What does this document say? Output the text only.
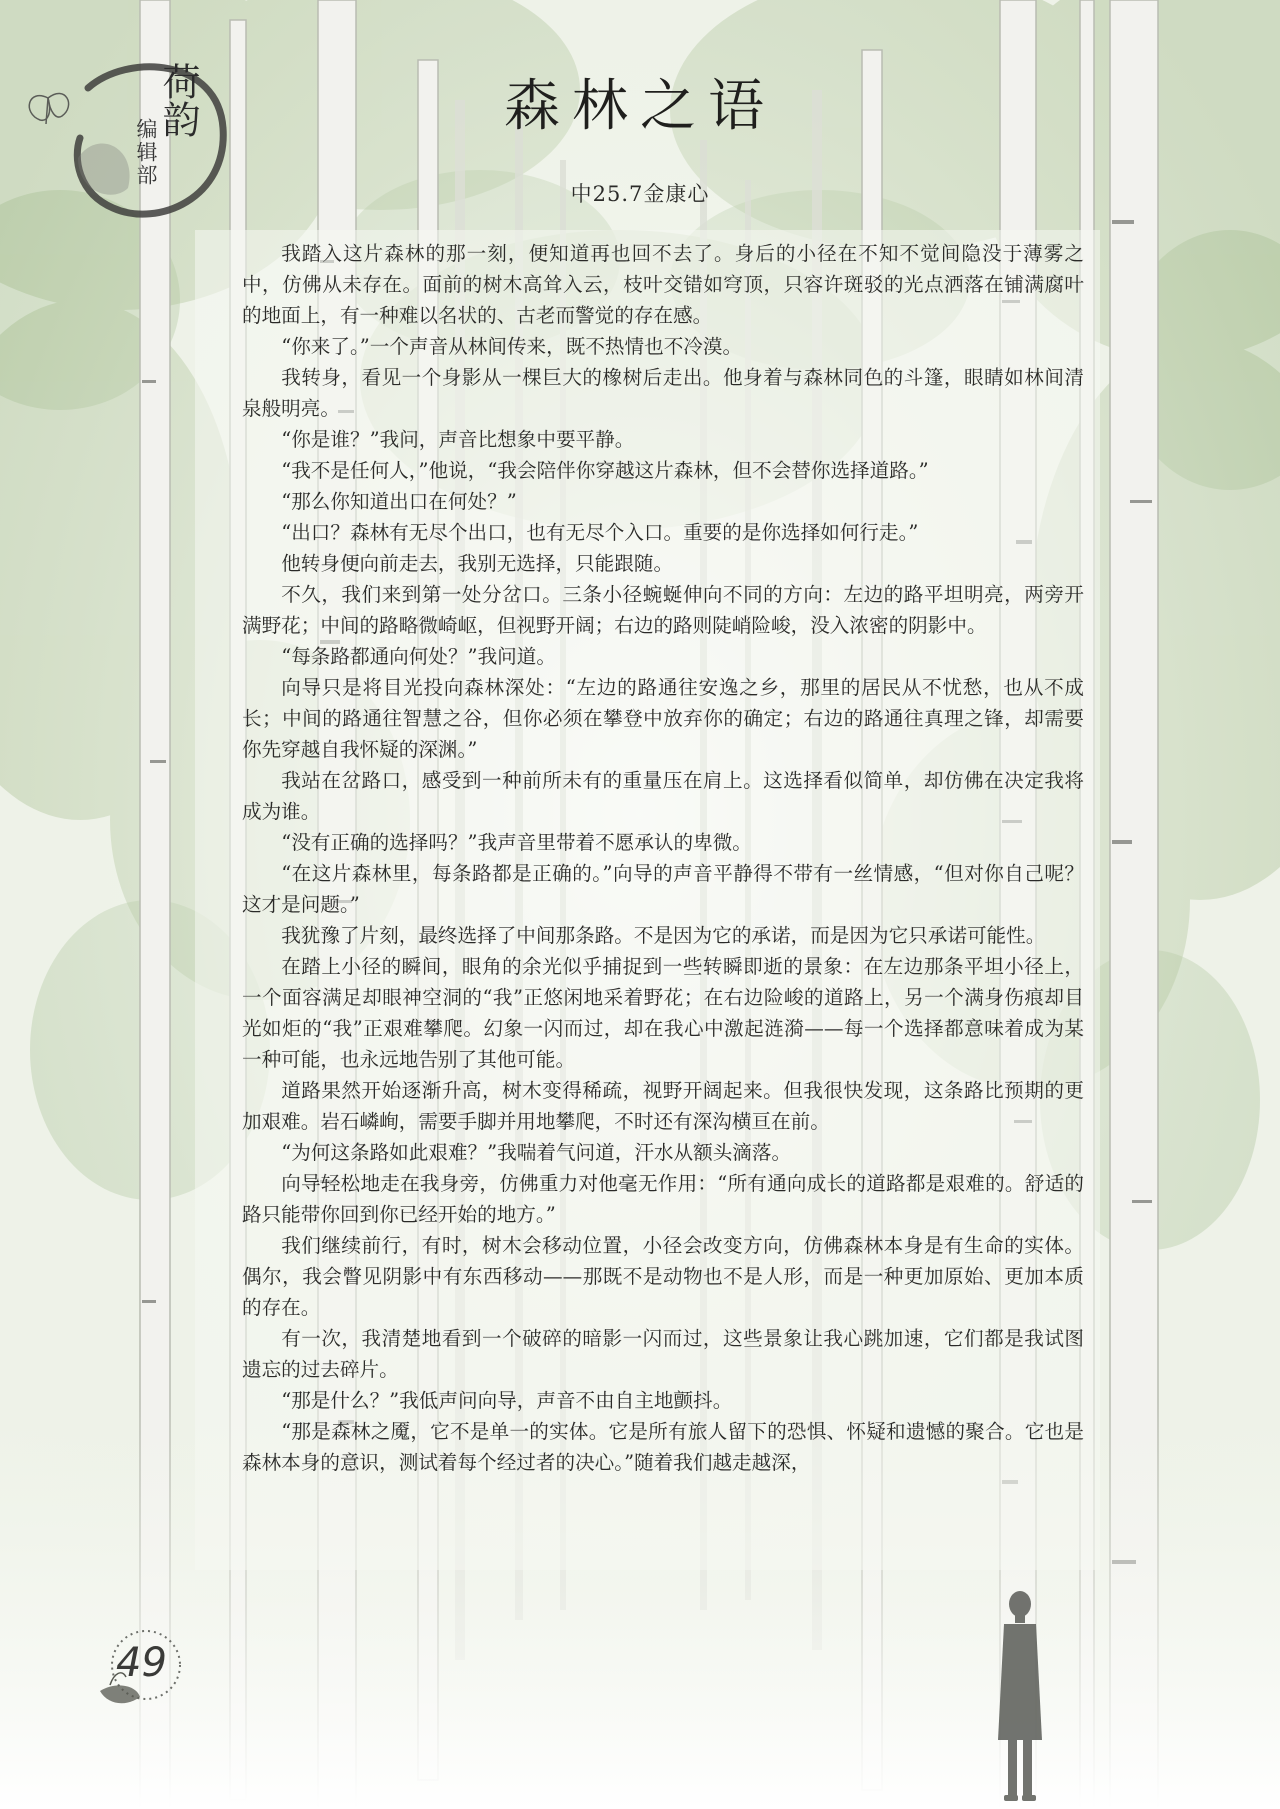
编辑部
荷韵	森林之语
中25.7金康心

我踏入这片森林的那一刻，便知道再也回不去了。身后的小径在不知不觉间隐没于薄雾之中，仿佛从未存在。面前的树木高耸入云，枝叶交错如穹顶，只容许斑驳的光点洒落在铺满腐叶的地面上，有一种难以名状的、古老而警觉的存在感。

“你来了。”一个声音从林间传来，既不热情也不冷漠。

我转身，看见一个身影从一棵巨大的橡树后走出。他身着与森林同色的斗篷，眼睛如林间清泉般明亮。

“你是谁？”我问，声音比想象中要平静。

“我不是任何人，”他说，“我会陪伴你穿越这片森林，但不会替你选择道路。”

“那么你知道出口在何处？”

“出口？森林有无尽个出口，也有无尽个入口。重要的是你选择如何行走。”

他转身便向前走去，我别无选择，只能跟随。

不久，我们来到第一处分岔口。三条小径蜿蜒伸向不同的方向：左边的路平坦明亮，两旁开满野花；中间的路略微崎岖，但视野开阔；右边的路则陡峭险峻，没入浓密的阴影中。

“每条路都通向何处？”我问道。

向导只是将目光投向森林深处：“左边的路通往安逸之乡，那里的居民从不忧愁，也从不成长；中间的路通往智慧之谷，但你必须在攀登中放弃你的确定；右边的路通往真理之锋，却需要你先穿越自我怀疑的深渊。”

我站在岔路口，感受到一种前所未有的重量压在肩上。这选择看似简单，却仿佛在决定我将成为谁。

“没有正确的选择吗？”我声音里带着不愿承认的卑微。

“在这片森林里，每条路都是正确的。”向导的声音平静得不带有一丝情感，“但对你自己呢？这才是问题。”

我犹豫了片刻，最终选择了中间那条路。不是因为它的承诺，而是因为它只承诺可能性。

在踏上小径的瞬间，眼角的余光似乎捕捉到一些转瞬即逝的景象：在左边那条平坦小径上，一个面容满足却眼神空洞的“我”正悠闲地采着野花；在右边险峻的道路上，另一个满身伤痕却目光如炬的“我”正艰难攀爬。幻象一闪而过，却在我心中激起涟漪——每一个选择都意味着成为某一种可能，也永远地告别了其他可能。

道路果然开始逐渐升高，树木变得稀疏，视野开阔起来。但我很快发现，这条路比预期的更加艰难。岩石嶙峋，需要手脚并用地攀爬，不时还有深沟横亘在前。

“为何这条路如此艰难？”我喘着气问道，汗水从额头滴落。

向导轻松地走在我身旁，仿佛重力对他毫无作用：“所有通向成长的道路都是艰难的。舒适的路只能带你回到你已经开始的地方。”

我们继续前行，有时，树木会移动位置，小径会改变方向，仿佛森林本身是有生命的实体。偶尔，我会瞥见阴影中有东西移动——那既不是动物也不是人形，而是一种更加原始、更加本质的存在。

有一次，我清楚地看到一个破碎的暗影一闪而过，这些景象让我心跳加速，它们都是我试图遗忘的过去碎片。

“那是什么？”我低声问向导，声音不由自主地颤抖。

“那是森林之魇，它不是单一的实体。它是所有旅人留下的恐惧、怀疑和遗憾的聚合。它也是森林本身的意识，测试着每个经过者的决心。”随着我们越走越深，

49
